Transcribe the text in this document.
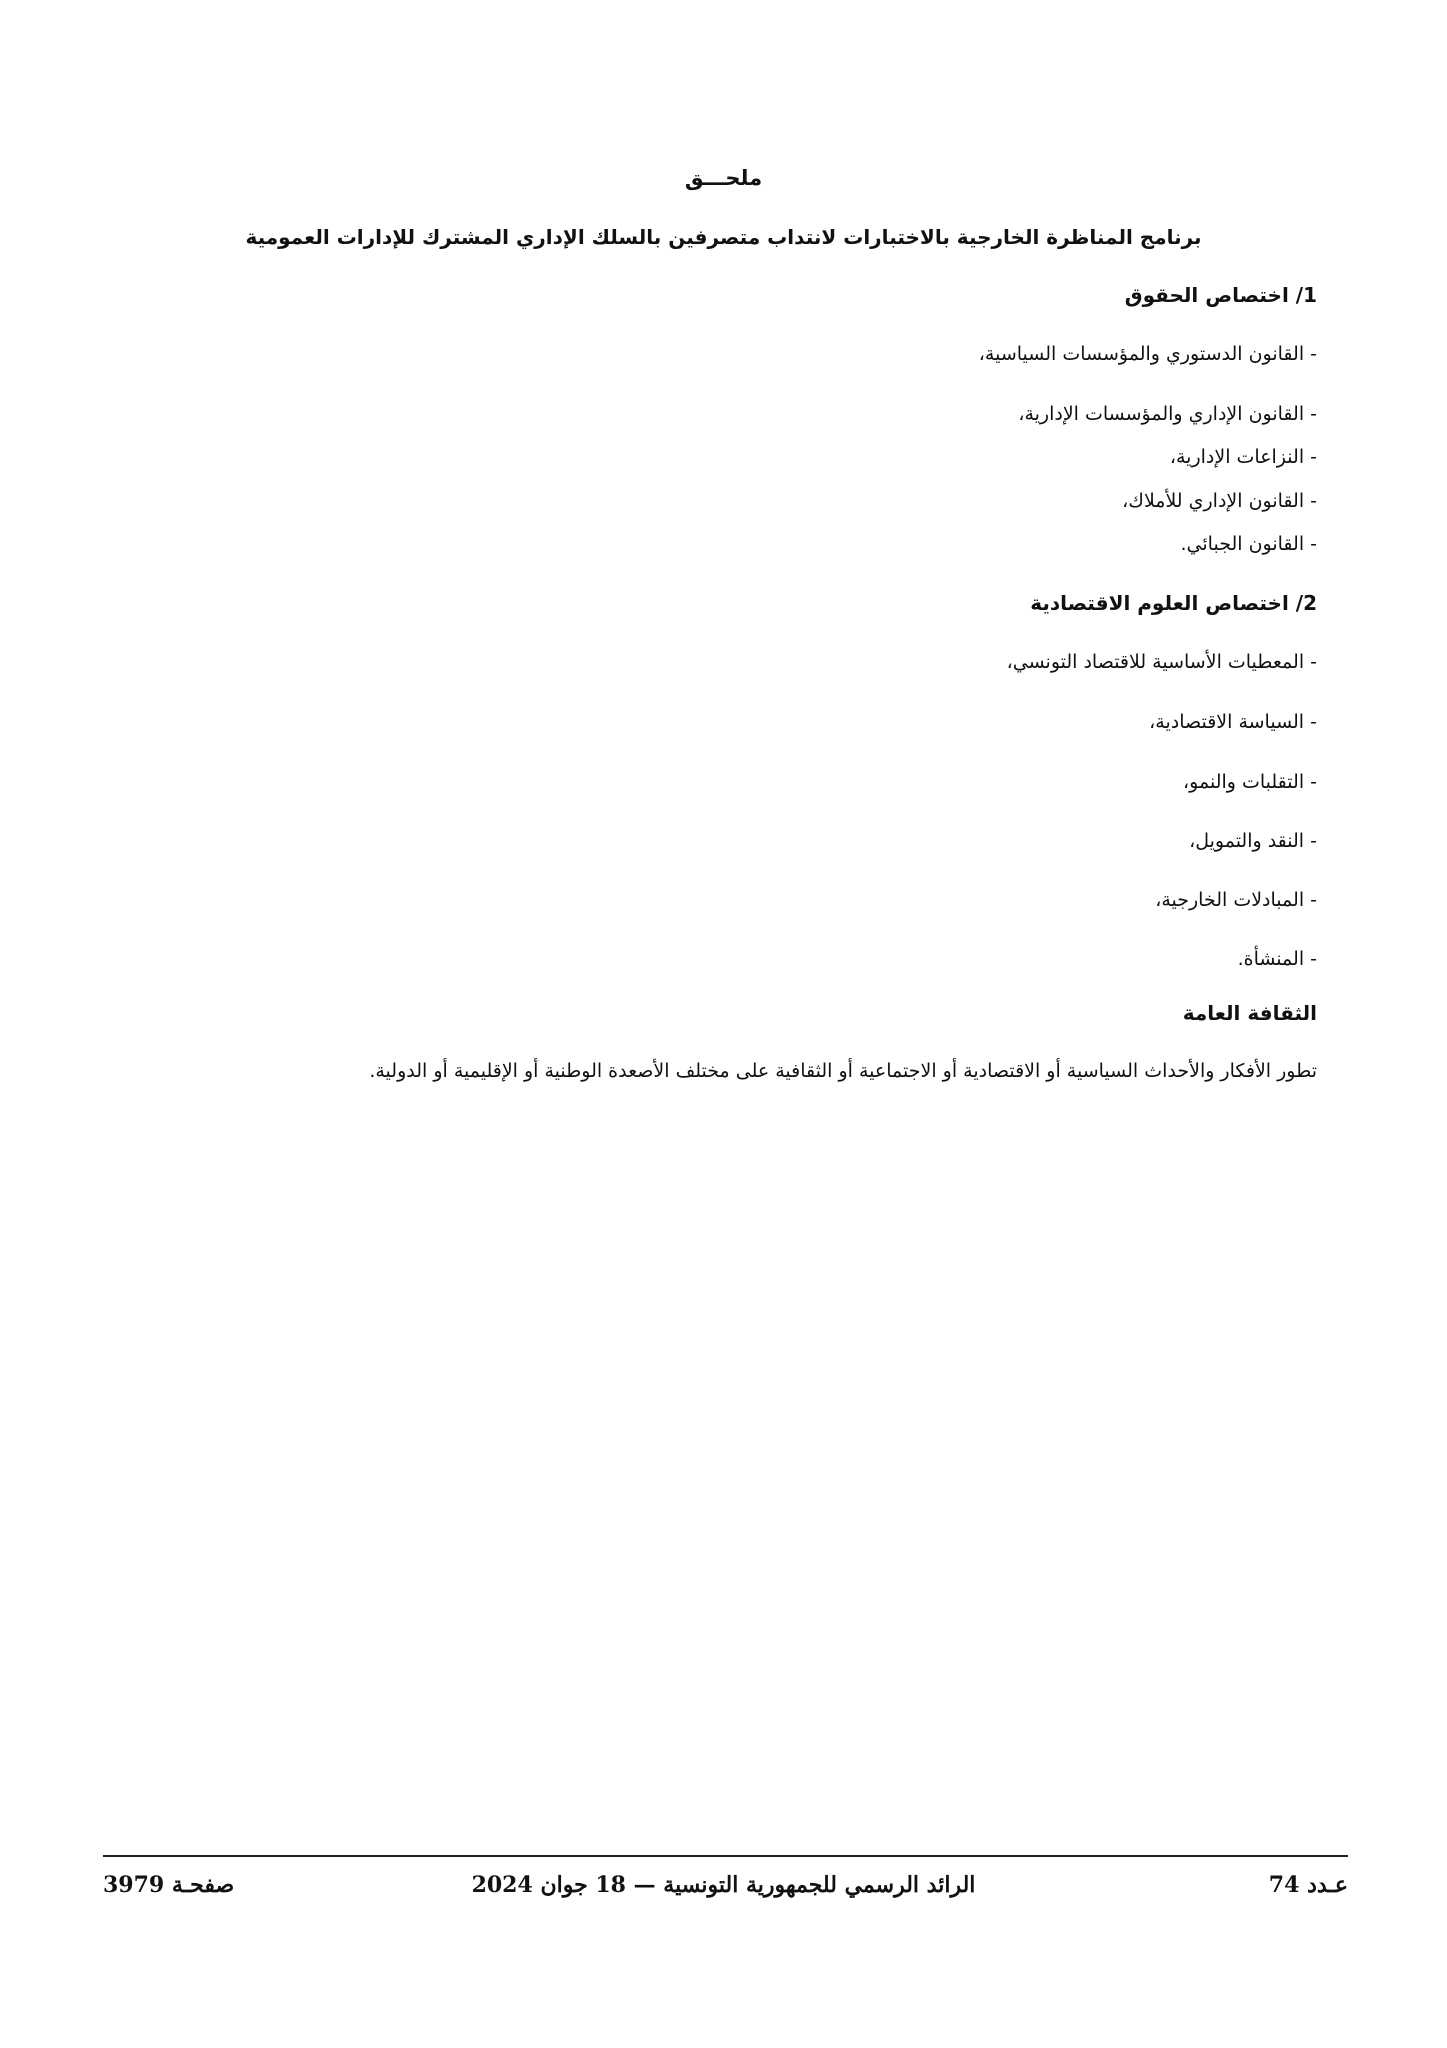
ملحـــق
برنامج المناظرة الخارجية بالاختبارات لانتداب متصرفين بالسلك الإداري المشترك للإدارات العمومية
1/ اختصاص الحقوق
- القانون الدستوري والمؤسسات السياسية،
- القانون الإداري والمؤسسات الإدارية،
- النزاعات الإدارية،
- القانون الإداري للأملاك،
- القانون الجبائي.
2/ اختصاص العلوم الاقتصادية
- المعطيات الأساسية للاقتصاد التونسي،
- السياسة الاقتصادية،
- التقلبات والنمو،
- النقد والتمويل،
- المبادلات الخارجية،
- المنشأة.
الثقافة العامة
تطور الأفكار والأحداث السياسية أو الاقتصادية أو الاجتماعية أو الثقافية على مختلف الأصعدة الوطنية أو الإقليمية أو الدولية.
عـدد 74
الرائد الرسمي للجمهورية التونسية — 18 جوان 2024
صفحـة 3979
